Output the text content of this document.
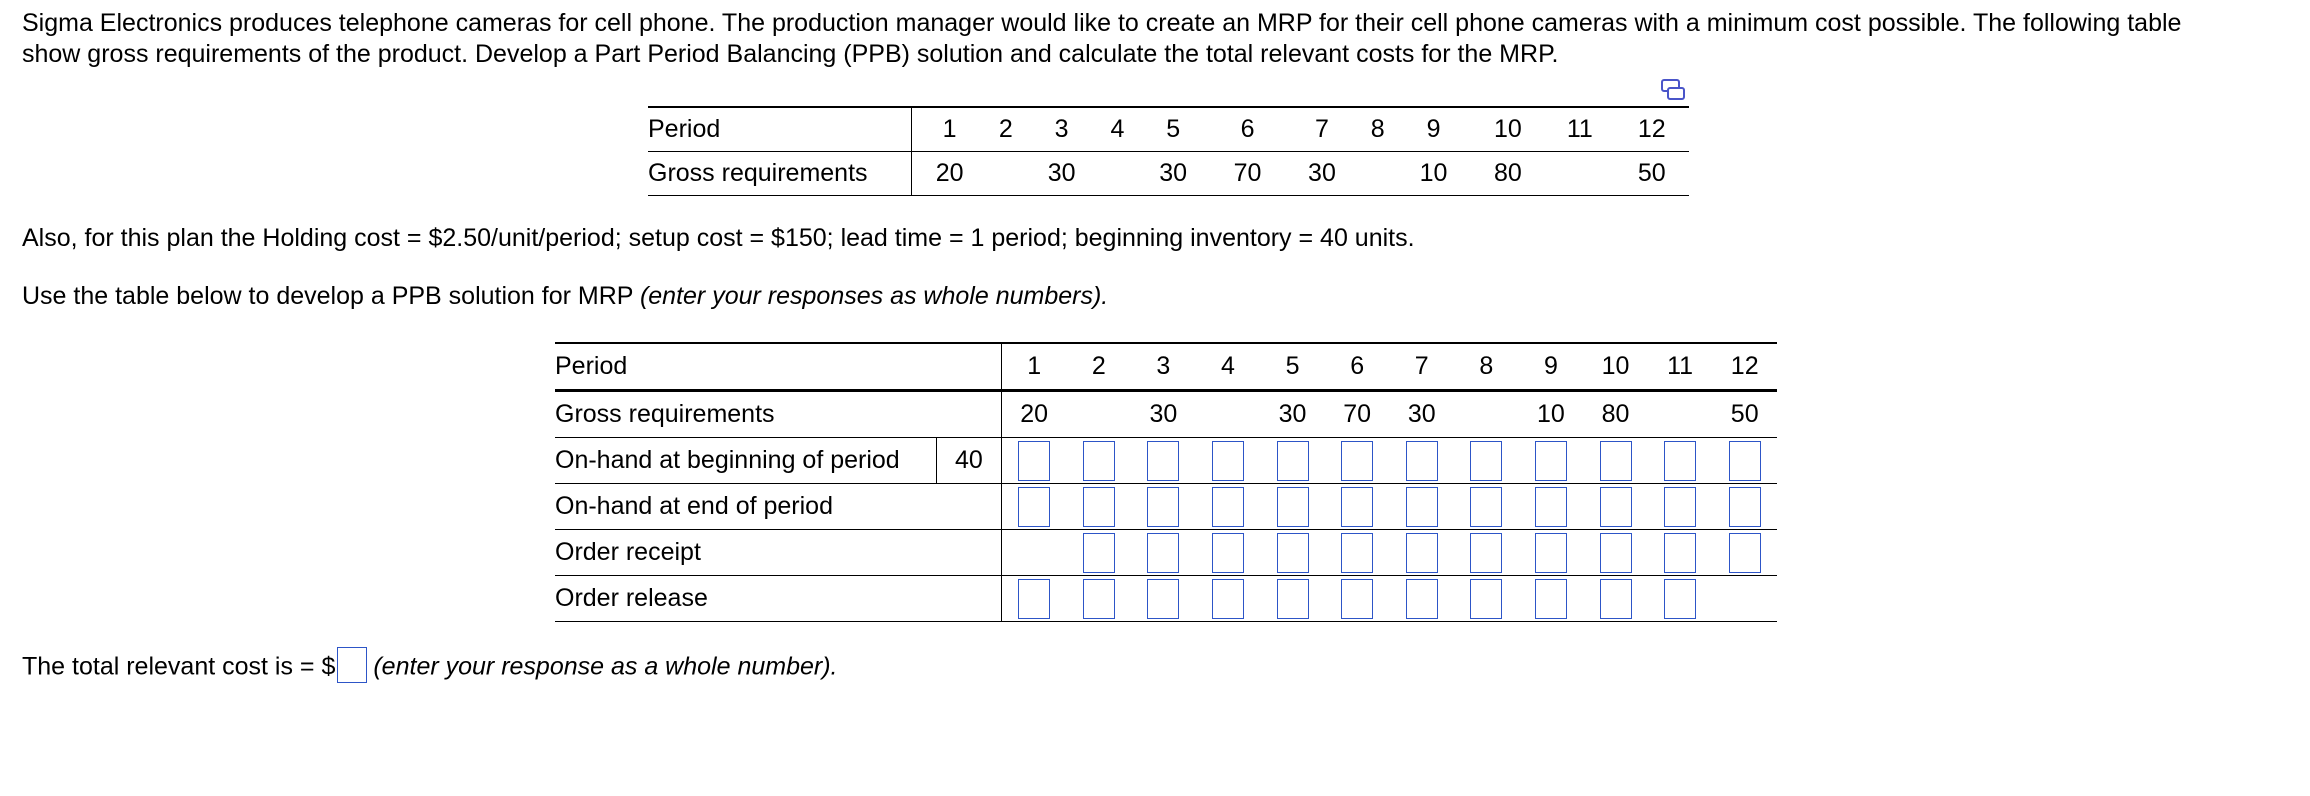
Sigma Electronics produces telephone cameras for cell phone. The production manager would like to create an MRP for their cell phone cameras with a minimum cost possible. The following table
show gross requirements of the product. Develop a Part Period Balancing (PPB) solution and calculate the total relevant costs for the MRP.
Period	1	2	3	4	5	6	7	8	9	10	11	12
Gross requirements	20		30		30	70	30		10	80		50
Also, for this plan the Holding cost = $2.50/unit/period; setup cost = $150; lead time = 1 period; beginning inventory = 40 units.
Use the table below to develop a PPB solution for MRP (enter your responses as whole numbers).
Period		1	2	3	4	5	6	7	8	9	10	11	12
Gross requirements		20		30		30	70	30		10	80		50
On-hand at beginning of period	40	

On-hand at end of period		

Order receipt			

Order release		

The total relevant cost is = $ (enter your response as a whole number).
